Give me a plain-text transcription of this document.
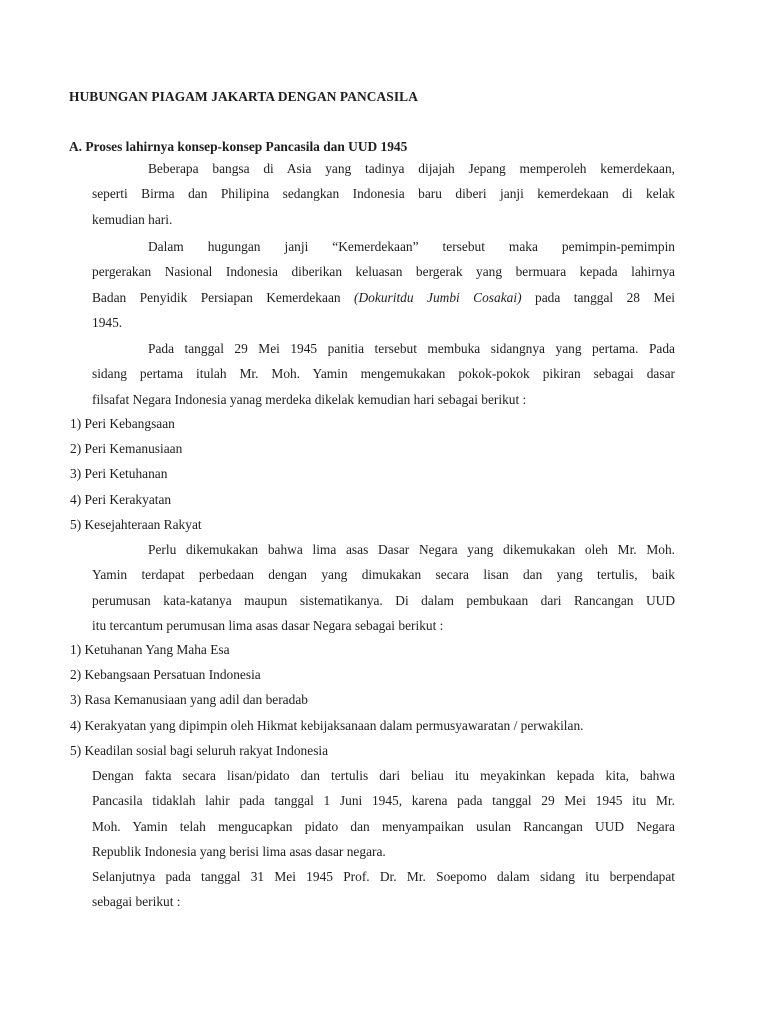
HUBUNGAN PIAGAM JAKARTA DENGAN PANCASILA
A. Proses lahirnya konsep-konsep Pancasila dan UUD 1945
Beberapa bangsa di Asia yang tadinya dijajah Jepang memperoleh kemerdekaan,
seperti Birma dan Philipina sedangkan Indonesia baru diberi janji kemerdekaan di kelak
kemudian hari.
Dalam hugungan janji “Kemerdekaan” tersebut maka pemimpin-pemimpin
pergerakan Nasional Indonesia diberikan keluasan bergerak yang bermuara kepada lahirnya
Badan Penyidik Persiapan Kemerdekaan (Dokuritdu Jumbi Cosakai) pada tanggal 28 Mei
1945.
Pada tanggal 29 Mei 1945 panitia tersebut membuka sidangnya yang pertama. Pada
sidang pertama itulah Mr. Moh. Yamin mengemukakan pokok-pokok pikiran sebagai dasar
filsafat Negara Indonesia yanag merdeka dikelak kemudian hari sebagai berikut :
1) Peri Kebangsaan
2) Peri Kemanusiaan
3) Peri Ketuhanan
4) Peri Kerakyatan
5) Kesejahteraan Rakyat
Perlu dikemukakan bahwa lima asas Dasar Negara yang dikemukakan oleh Mr. Moh.
Yamin terdapat perbedaan dengan yang dimukakan secara lisan dan yang tertulis, baik
perumusan kata-katanya maupun sistematikanya. Di dalam pembukaan dari Rancangan UUD
itu tercantum perumusan lima asas dasar Negara sebagai berikut :
1) Ketuhanan Yang Maha Esa
2) Kebangsaan Persatuan Indonesia
3) Rasa Kemanusiaan yang adil dan beradab
4) Kerakyatan yang dipimpin oleh Hikmat kebijaksanaan dalam permusyawaratan / perwakilan.
5) Keadilan sosial bagi seluruh rakyat Indonesia
Dengan fakta secara lisan/pidato dan tertulis dari beliau itu meyakinkan kepada kita, bahwa
Pancasila tidaklah lahir pada tanggal 1 Juni 1945, karena pada tanggal 29 Mei 1945 itu Mr.
Moh. Yamin telah mengucapkan pidato dan menyampaikan usulan Rancangan UUD Negara
Republik Indonesia yang berisi lima asas dasar negara.
Selanjutnya pada tanggal 31 Mei 1945 Prof. Dr. Mr. Soepomo dalam sidang itu berpendapat
sebagai berikut :
